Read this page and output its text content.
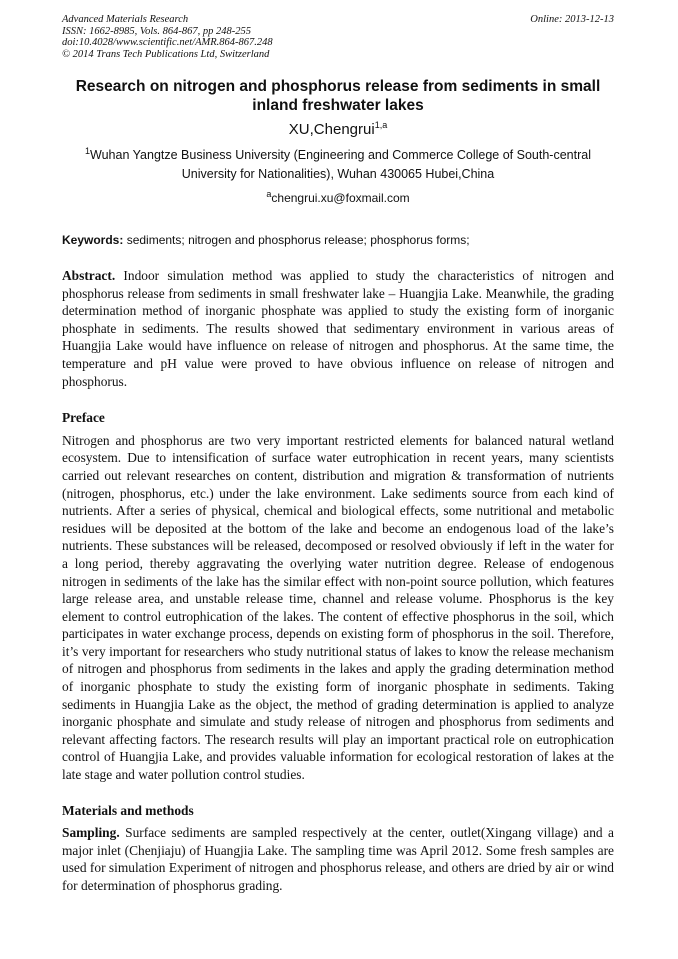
Advanced Materials Research
ISSN: 1662-8985, Vols. 864-867, pp 248-255
doi:10.4028/www.scientific.net/AMR.864-867.248
© 2014 Trans Tech Publications Ltd, Switzerland
Online: 2013-12-13
Research on nitrogen and phosphorus release from sediments in small
inland freshwater lakes
XU,Chengrui$^{1,a}$
$^1$Wuhan Yangtze Business University (Engineering and Commerce College of South-central
University for Nationalities), Wuhan 430065 Hubei,China
$^a$chengrui.xu@foxmail.com
Keywords: sediments; nitrogen and phosphorus release; phosphorus forms;

Abstract. Indoor simulation method was applied to study the characteristics of nitrogen and phosphorus release from sediments in small freshwater lake – Huangjia Lake. Meanwhile, the grading determination method of inorganic phosphate was applied to study the existing form of inorganic phosphate in sediments. The results showed that sedimentary environment in various areas of Huangjia Lake would have influence on release of nitrogen and phosphorus. At the same time, the temperature and pH value were proved to have obvious influence on release of nitrogen and phosphorus.

Preface

Nitrogen and phosphorus are two very important restricted elements for balanced natural wetland ecosystem. Due to intensification of surface water eutrophication in recent years, many scientists carried out relevant researches on content, distribution and migration & transformation of nutrients (nitrogen, phosphorus, etc.) under the lake environment. Lake sediments source from each kind of nutrients. After a series of physical, chemical and biological effects, some nutritional and metabolic residues will be deposited at the bottom of the lake and become an endogenous load of the lake’s nutrients. These substances will be released, decomposed or resolved obviously if left in the water for a long period, thereby aggravating the overlying water nutrition degree. Release of endogenous nitrogen in sediments of the lake has the similar effect with non-point source pollution, which features large release area, and unstable release time, channel and release volume. Phosphorus is the key element to control eutrophication of the lakes. The content of effective phosphorus in the soil, which participates in water exchange process, depends on existing form of phosphorus in the soil. Therefore, it’s very important for researchers who study nutritional status of lakes to know the release mechanism of nitrogen and phosphorus from sediments in the lakes and apply the grading determination method of inorganic phosphate to study the existing form of inorganic phosphate in sediments. Taking sediments in Huangjia Lake as the object, the method of grading determination is applied to analyze inorganic phosphate and simulate and study release of nitrogen and phosphorus from sediments and relevant affecting factors. The research results will play an important practical role on eutrophication control of Huangjia Lake, and provides valuable information for ecological restoration of lakes at the late stage and water pollution control studies.

Materials and methods

Sampling. Surface sediments are sampled respectively at the center, outlet(Xingang village) and a major inlet (Chenjiaju) of Huangjia Lake. The sampling time was April 2012. Some fresh samples are used for simulation Experiment of nitrogen and phosphorus release, and others are dried by air or wind for determination of phosphorus grading.
